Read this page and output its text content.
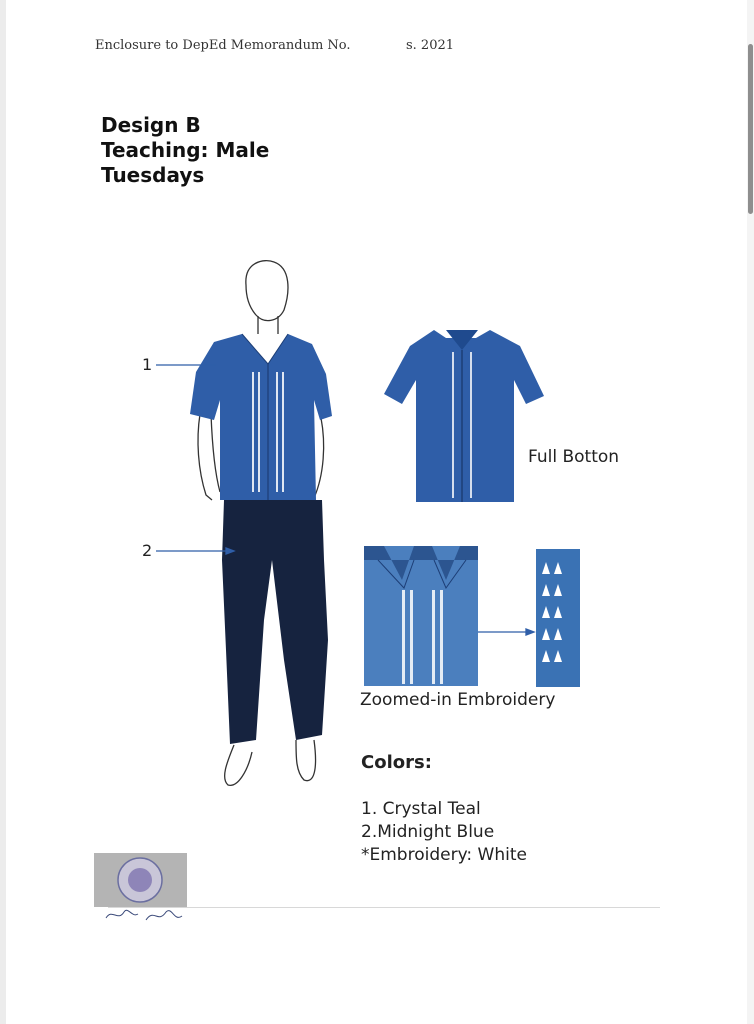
Enclosure to DepEd Memorandum No.	s. 2021
Design B
Teaching: Male
Tuesdays
1
2
Full Botton
Zoomed-in Embroidery
Colors:
1. Crystal Teal
2.Midnight Blue
*Embroidery: White
